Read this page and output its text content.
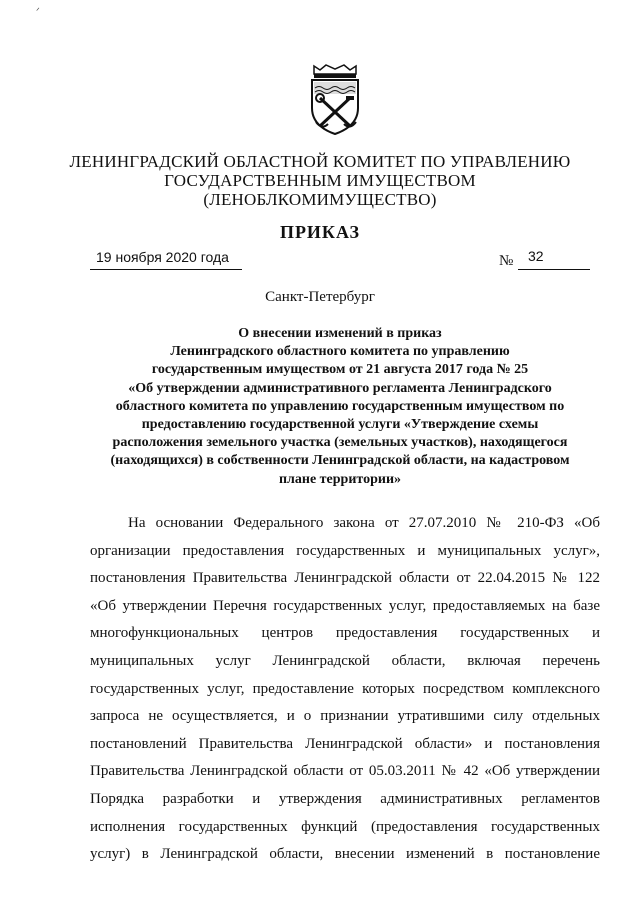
ᐟ
ЛЕНИНГРАДСКИЙ ОБЛАСТНОЙ КОМИТЕТ ПО УПРАВЛЕНИЮ
ГОСУДАРСТВЕННЫМ ИМУЩЕСТВОМ
(ЛЕНОБЛКОМИМУЩЕСТВО)
ПРИКАЗ
19 ноября 2020 года	№ 32
Санкт-Петербург
О внесении изменений в приказ
Ленинградского областного комитета по управлению
государственным имуществом от 21 августа 2017 года № 25
«Об утверждении административного регламента Ленинградского
областного комитета по управлению государственным имуществом по
предоставлению государственной услуги «Утверждение схемы
расположения земельного участка (земельных участков), находящегося
(находящихся) в собственности Ленинградской области, на кадастровом
плане территории»
На основании Федерального закона от 27.07.2010 № 210-ФЗ «Об
организации предоставления государственных и муниципальных услуг»,
постановления Правительства Ленинградской области от 22.04.2015 № 122
«Об утверждении Перечня государственных услуг, предоставляемых на базе
многофункциональных центров предоставления государственных и
муниципальных услуг Ленинградской области, включая перечень
государственных услуг, предоставление которых посредством комплексного
запроса не осуществляется, и о признании утратившими силу отдельных
постановлений Правительства Ленинградской области» и постановления
Правительства Ленинградской области от 05.03.2011 № 42 «Об утверждении
Порядка разработки и утверждения административных регламентов
исполнения государственных функций (предоставления государственных
услуг) в Ленинградской области, внесении изменений в постановление
